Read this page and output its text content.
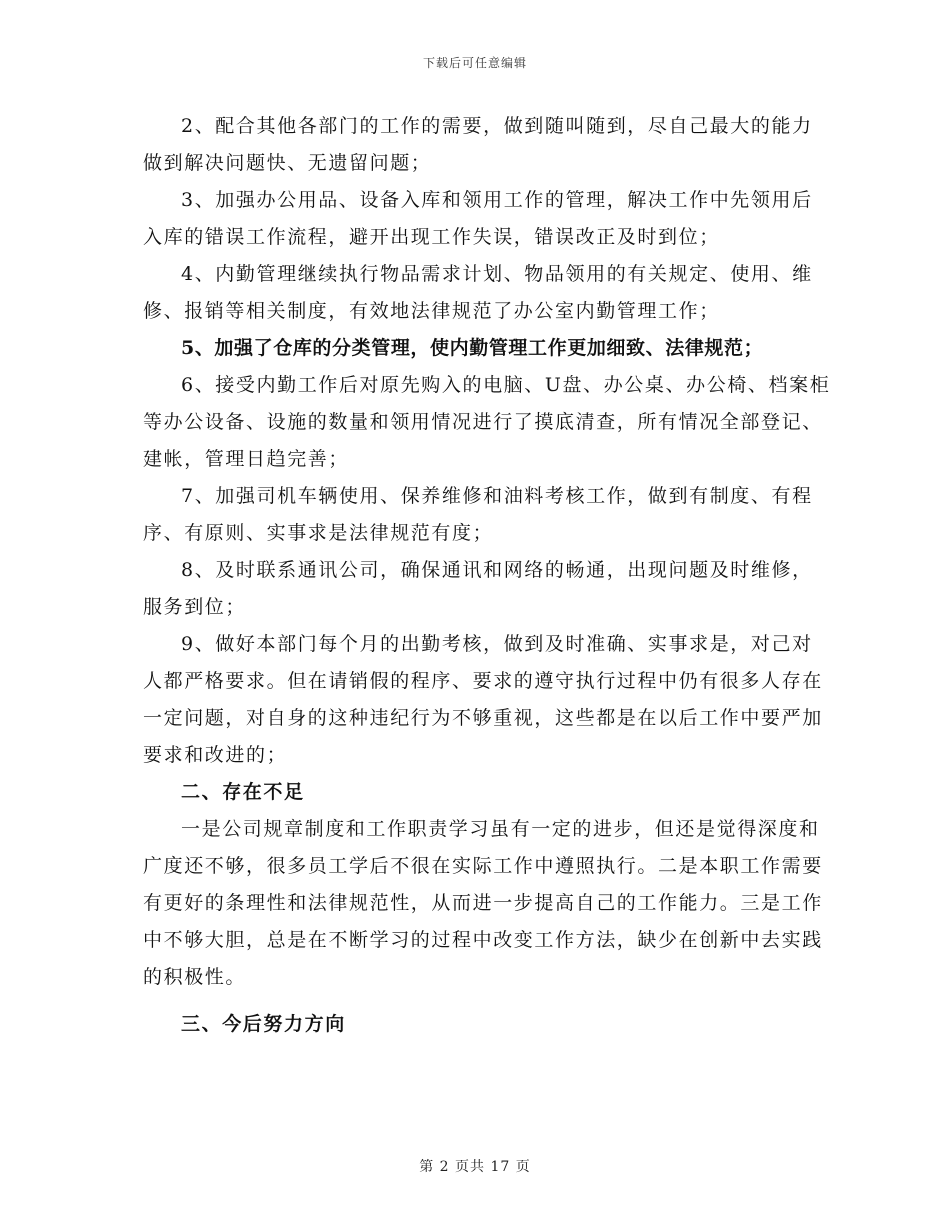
下载后可任意编辑

2、配合其他各部门的工作的需要，做到随叫随到，尽自己最大的能力做到解决问题快、无遗留问题；

3、加强办公用品、设备入库和领用工作的管理，解决工作中先领用后入库的错误工作流程，避开出现工作失误，错误改正及时到位；

4、内勤管理继续执行物品需求计划、物品领用的有关规定、使用、维修、报销等相关制度，有效地法律规范了办公室内勤管理工作；

5、加强了仓库的分类管理，使内勤管理工作更加细致、法律规范；

6、接受内勤工作后对原先购入的电脑、U盘、办公桌、办公椅、档案柜等办公设备、设施的数量和领用情况进行了摸底清查，所有情况全部登记、建帐，管理日趋完善；

7、加强司机车辆使用、保养维修和油料考核工作，做到有制度、有程序、有原则、实事求是法律规范有度；

8、及时联系通讯公司，确保通讯和网络的畅通，出现问题及时维修，服务到位；

9、做好本部门每个月的出勤考核，做到及时准确、实事求是，对己对人都严格要求。但在请销假的程序、要求的遵守执行过程中仍有很多人存在一定问题，对自身的这种违纪行为不够重视，这些都是在以后工作中要严加要求和改进的；

二、存在不足

一是公司规章制度和工作职责学习虽有一定的进步，但还是觉得深度和广度还不够，很多员工学后不很在实际工作中遵照执行。二是本职工作需要有更好的条理性和法律规范性，从而进一步提高自己的工作能力。三是工作中不够大胆，总是在不断学习的过程中改变工作方法，缺少在创新中去实践的积极性。

三、今后努力方向

第 2 页共 17 页
